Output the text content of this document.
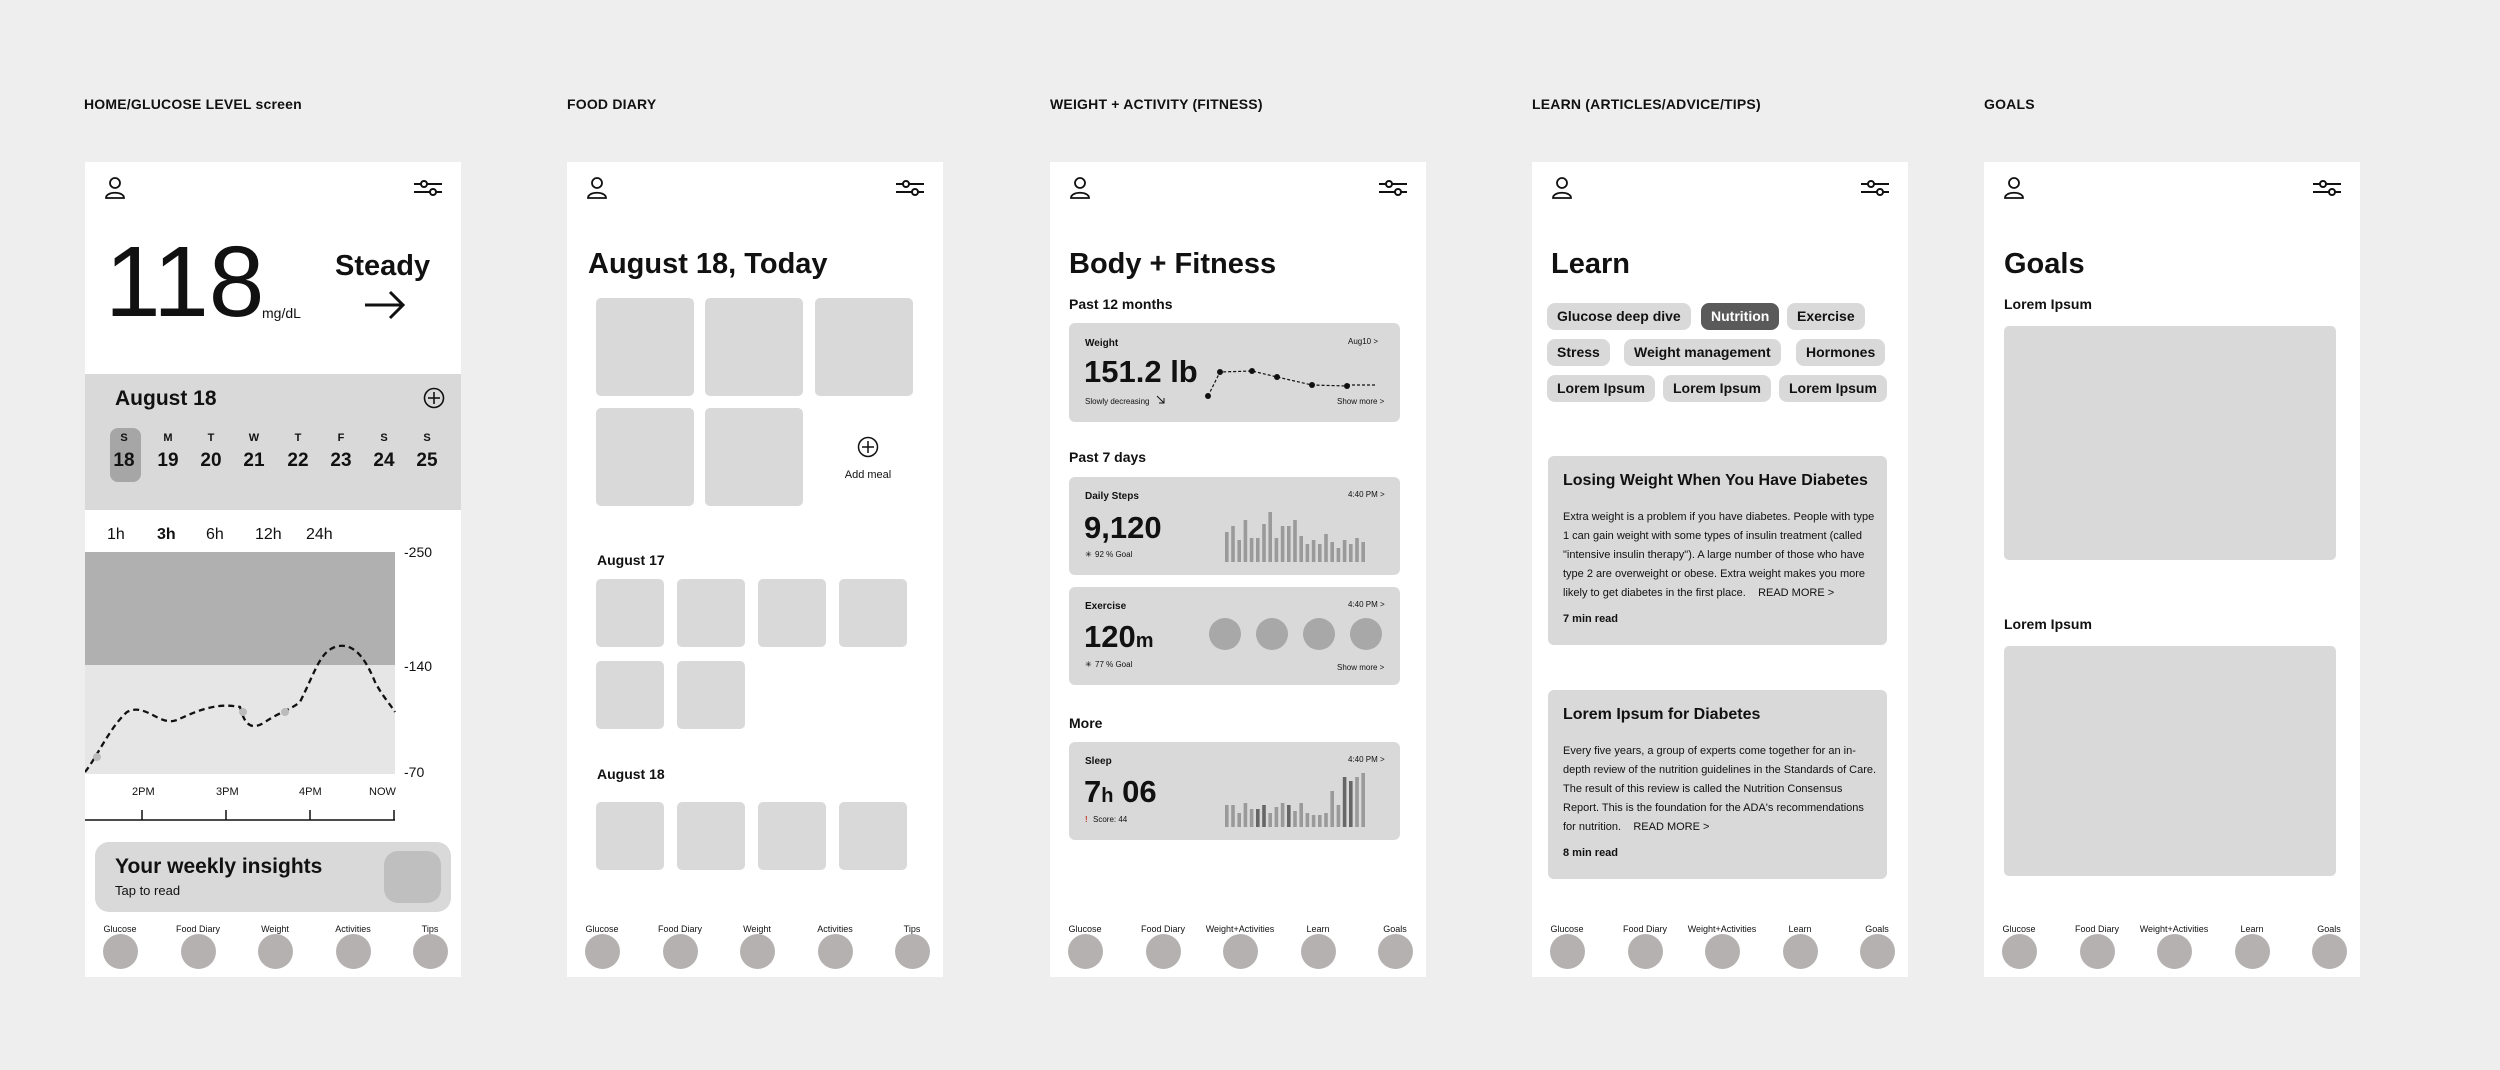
HOME/GLUCOSE LEVEL screen	FOOD DIARY	WEIGHT + ACTIVITY (FITNESS)	LEARN (ARTICLES/ADVICE/TIPS)	GOALS
118
mg/dL
Steady
August 18
S
18
M
19
T
20
W
21
T
22
F
23
S
24
S
25
-250
-140
-70
2PM	3PM	4PM	NOW
Your weekly insights
Tap to read
1h 3h 6h 12h 24h
Glucose	Food Diary	Weight	Activities	Tips
August 18, Today
Add meal
August 17
August 18
Glucose	Food Diary	Weight	Activities	Tips
Body + Fitness
Past 12 months
Weight	Aug10 >
151.2 lb
Slowly decreasing	Show more >
Past 7 days
Daily Steps	4:40 PM >
9,120
✳ 92 % Goal
Exercise	4:40 PM >
120m
✳ 77 % Goal	Show more >
More
Sleep	4:40 PM >
7h 06
! Score: 44
Glucose	Food Diary	Weight+Activities	Learn	Goals
Learn
Glucose deep dive	Nutrition	Exercise
Stress	Weight management	Hormones
Lorem Ipsum	Lorem Ipsum	Lorem Ipsum
Losing Weight When You Have Diabetes
Extra weight is a problem if you have diabetes. People with type 1 can gain weight with some types of insulin treatment (called "intensive insulin therapy"). A large number of those who have type 2 are overweight or obese. Extra weight makes you more likely to get diabetes in the first place. READ MORE >
7 min read
Lorem Ipsum for Diabetes
Every five years, a group of experts come together for an in-depth review of the nutrition guidelines in the Standards of Care. The result of this review is called the Nutrition Consensus Report. This is the foundation for the ADA's recommendations for nutrition. READ MORE >
8 min read
Glucose	Food Diary	Weight+Activities	Learn	Goals
Goals
Lorem Ipsum
Lorem Ipsum
Glucose	Food Diary	Weight+Activities	Learn	Goals
